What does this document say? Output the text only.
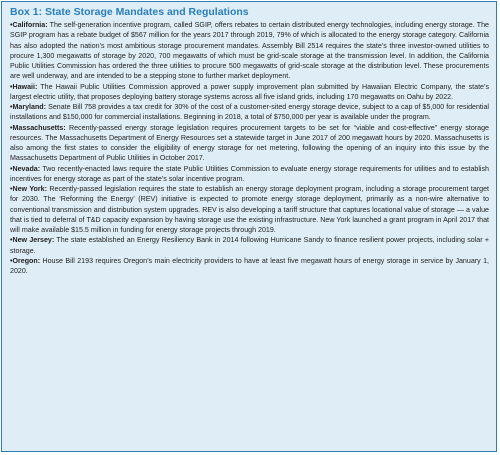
Box 1: State Storage Mandates and Regulations

•California: The self-generation incentive program, called SGIP, offers rebates to certain distributed energy technologies, including energy storage. The SGIP program has a rebate budget of $567 million for the years 2017 through 2019, 79% of which is allocated to the energy storage category. California has also adopted the nation’s most ambitious storage procurement mandates. Assembly Bill 2514 requires the state’s three investor-owned utilities to procure 1,300 megawatts of storage by 2020, 700 megawatts of which must be grid-scale storage at the transmission level. In addition, the California Public Utilities Commission has ordered the three utilities to procure 500 megawatts of grid-scale storage at the distribution level. These procurements are well underway, and are intended to be a stepping stone to further market deployment.

•Hawaii: The Hawaii Public Utilities Commission approved a power supply improvement plan submitted by Hawaiian Electric Company, the state’s largest electric utility, that proposes deploying battery storage systems across all five island grids, including 170 megawatts on Oahu by 2022.

•Maryland: Senate Bill 758 provides a tax credit for 30% of the cost of a customer-sited energy storage device, subject to a cap of $5,000 for residential installations and $150,000 for commercial installations. Beginning in 2018, a total of $750,000 per year is available under the program.

•Massachusetts: Recently-passed energy storage legislation requires procurement targets to be set for “viable and cost-effective” energy storage resources. The Massachusetts Department of Energy Resources set a statewide target in June 2017 of 200 megawatt hours by 2020. Massachusetts is also among the first states to consider the eligibility of energy storage for net metering, following the opening of an inquiry into this issue by the Massachusetts Department of Public Utilities in October 2017.

•Nevada: Two recently-enacted laws require the state Public Utilities Commission to evaluate energy storage requirements for utilities and to establish incentives for energy storage as part of the state’s solar incentive program.

•New York: Recently-passed legislation requires the state to establish an energy storage deployment program, including a storage procurement target for 2030. The ‘Reforming the Energy’ (REV) initiative is expected to promote energy storage deployment, primarily as a non-wire alternative to conventional transmission and distribution system upgrades. REV is also developing a tariff structure that captures locational value of storage — a value that is tied to deferral of T&D capacity expansion by having storage use the existing infrastructure. New York launched a grant program in April 2017 that will make available $15.5 million in funding for energy storage projects through 2019.

•New Jersey: The state established an Energy Resiliency Bank in 2014 following Hurricane Sandy to finance resilient power projects, including solar + storage.

•Oregon: House Bill 2193 requires Oregon’s main electricity providers to have at least five megawatt hours of energy storage in service by January 1, 2020.
